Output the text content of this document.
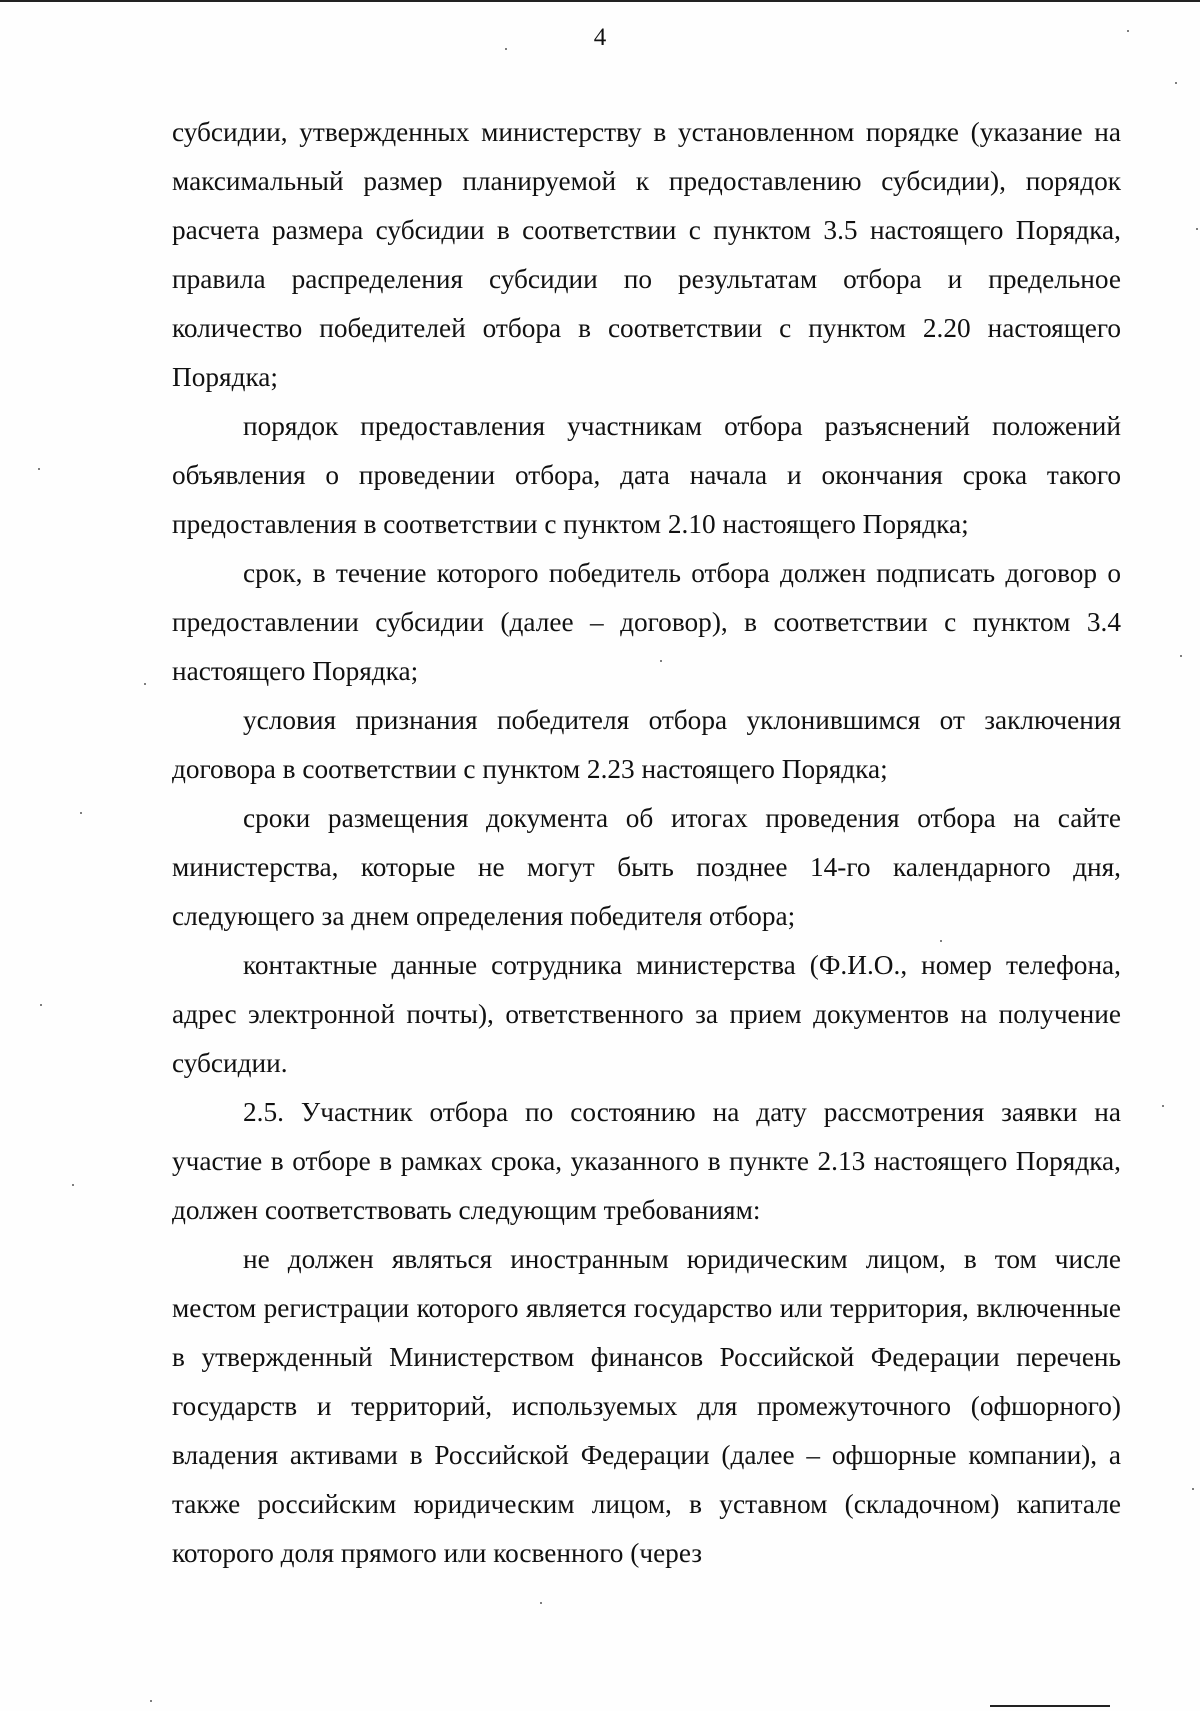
4

субсидии, утвержденных министерству в установленном порядке (указание на максимальный размер планируемой к предоставлению субсидии), порядок расчета размера субсидии в соответствии с пунктом 3.5 настоящего Порядка, правила распределения субсидии по результатам отбора и предельное количество победителей отбора в соответствии с пунктом 2.20 настоящего Порядка;

порядок предоставления участникам отбора разъяснений положений объявления о проведении отбора, дата начала и окончания срока такого предоставления в соответствии с пунктом 2.10 настоящего Порядка;

срок, в течение которого победитель отбора должен подписать договор о предоставлении субсидии (далее – договор), в соответствии с пунктом 3.4 настоящего Порядка;

условия признания победителя отбора уклонившимся от заключения договора в соответствии с пунктом 2.23 настоящего Порядка;

сроки размещения документа об итогах проведения отбора на сайте министерства, которые не могут быть позднее 14-го календарного дня, следующего за днем определения победителя отбора;

контактные данные сотрудника министерства (Ф.И.О., номер телефона, адрес электронной почты), ответственного за прием документов на получение субсидии.

2.5. Участник отбора по состоянию на дату рассмотрения заявки на участие в отборе в рамках срока, указанного в пункте 2.13 настоящего Порядка, должен соответствовать следующим требованиям:

не должен являться иностранным юридическим лицом, в том числе местом регистрации которого является государство или территория, включенные в утвержденный Министерством финансов Российской Федерации перечень государств и территорий, используемых для промежуточного (офшорного) владения активами в Российской Федерации (далее – офшорные компании), а также российским юридическим лицом, в уставном (складочном) капитале которого доля прямого или косвенного (через
